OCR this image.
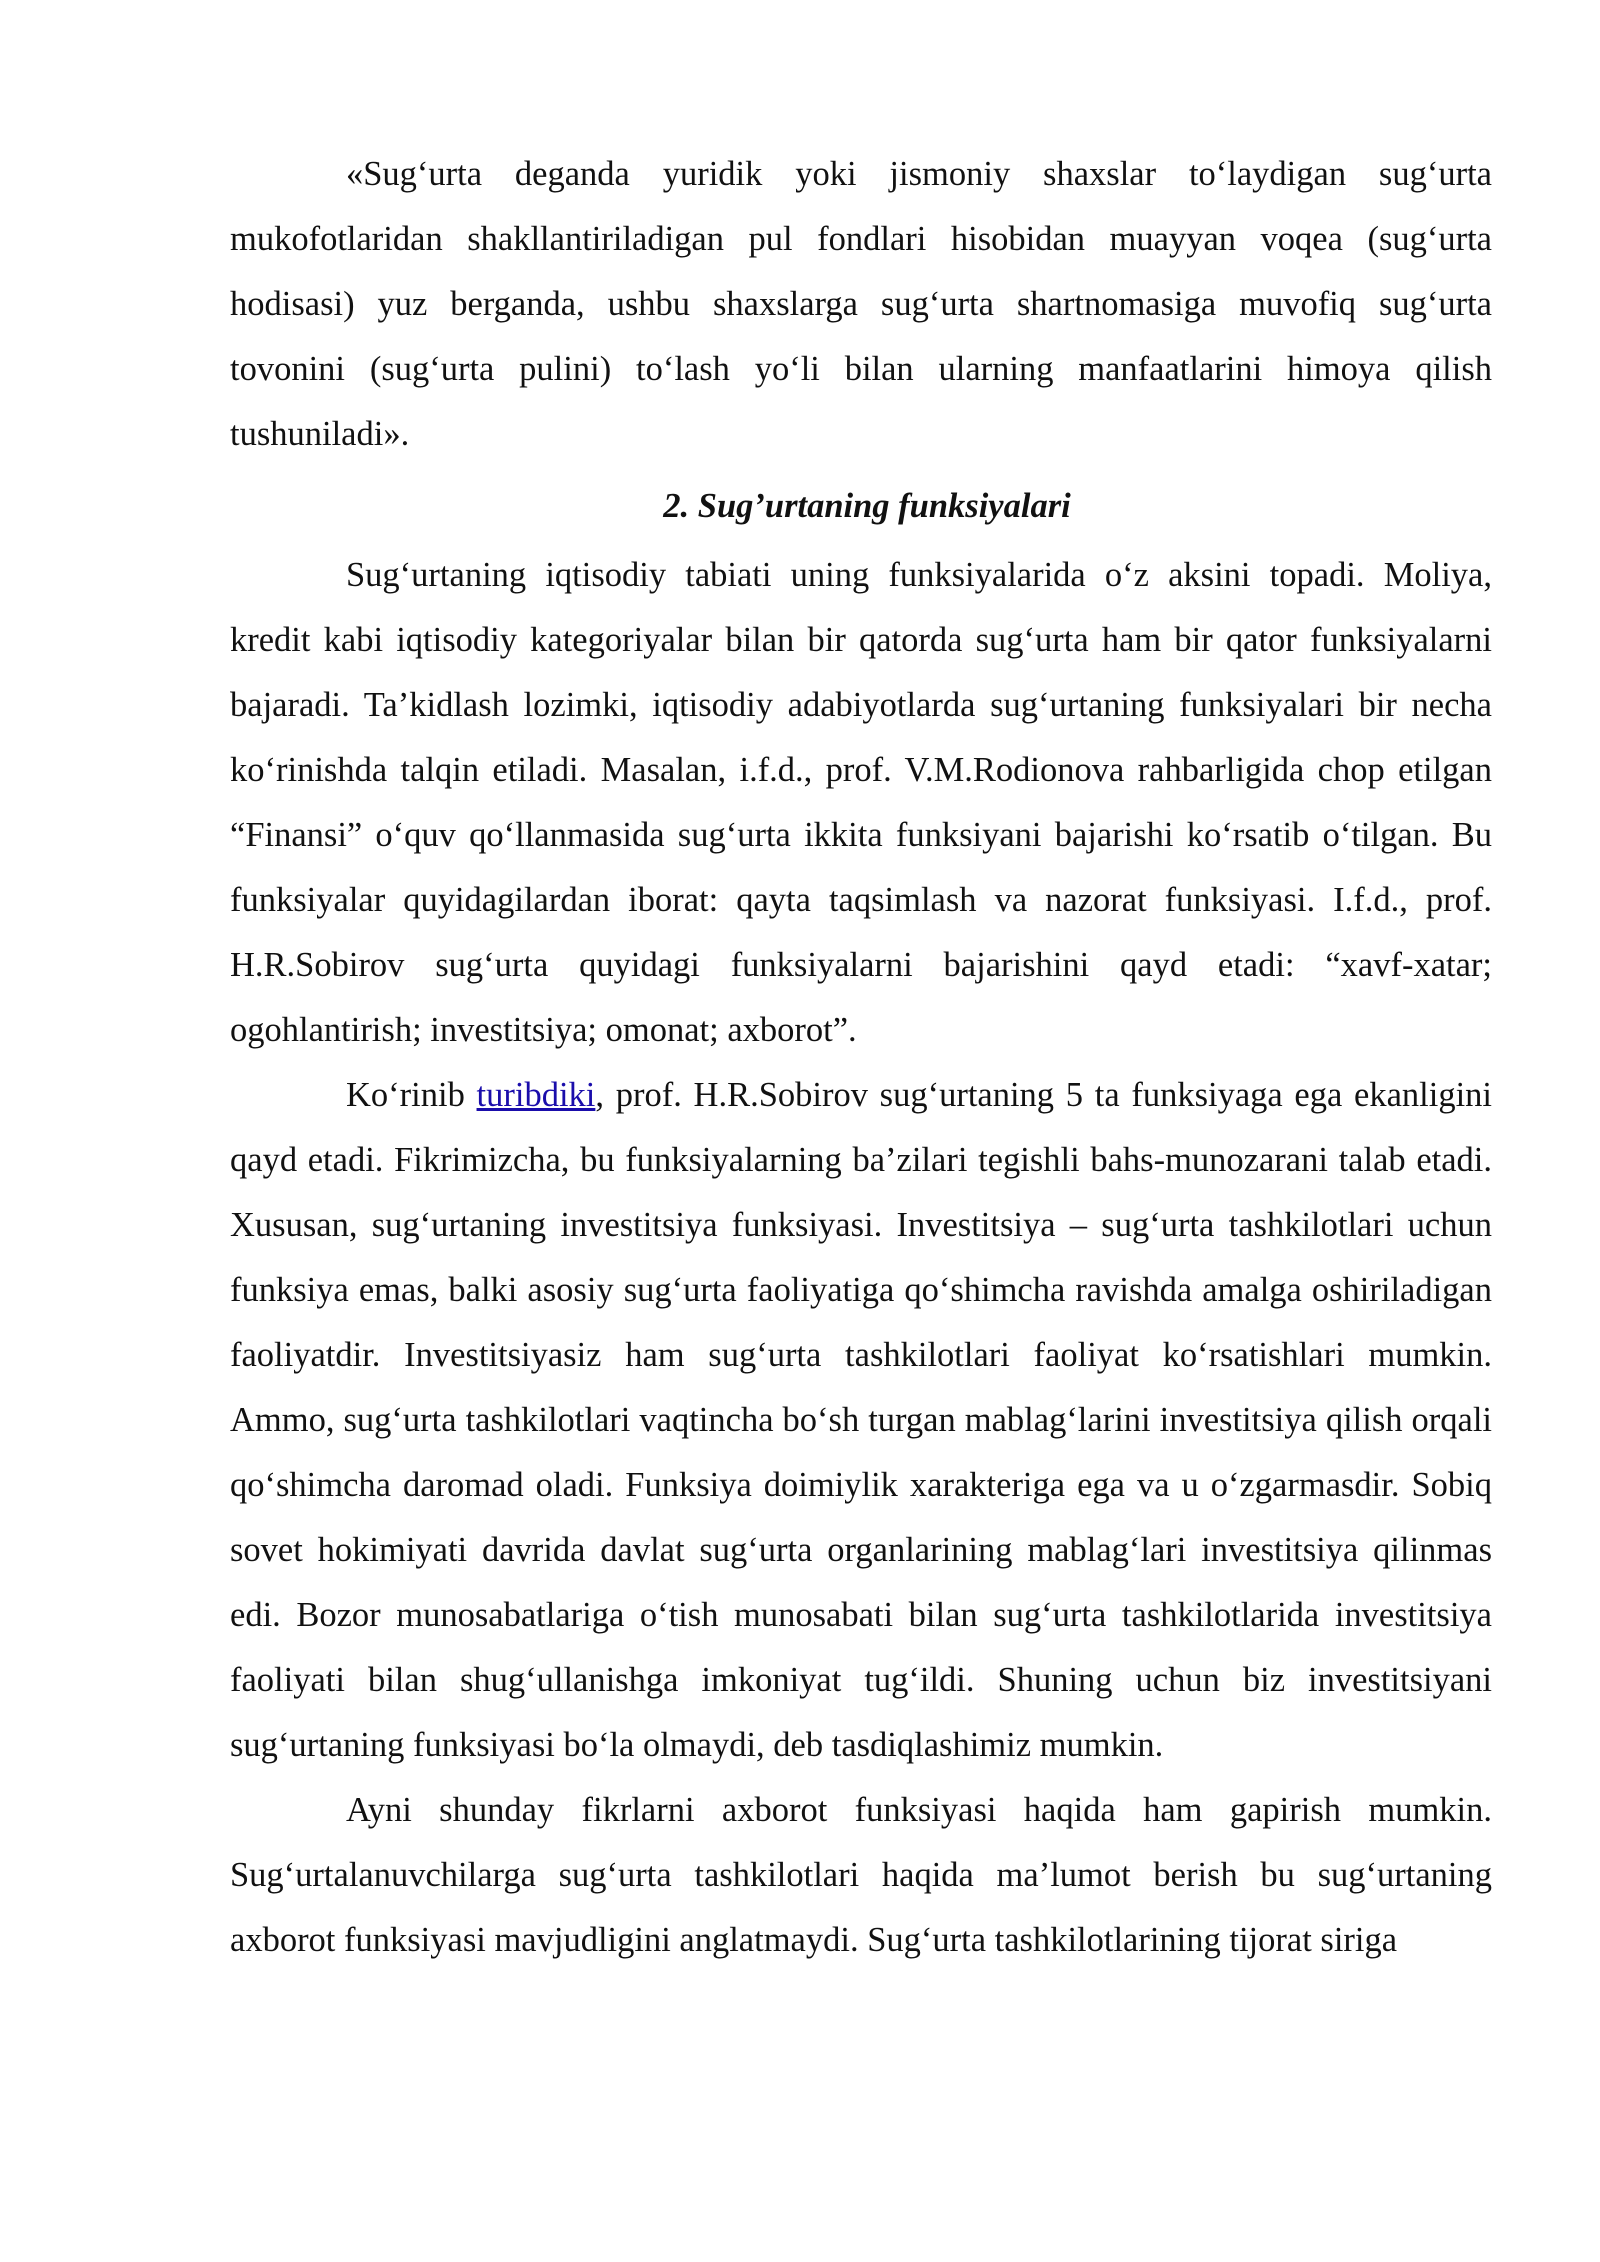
«Sug‘urta deganda yuridik yoki jismoniy shaxslar to‘laydigan sug‘urta mukofotlaridan shakllantiriladigan pul fondlari hisobidan muayyan voqea (sug‘urta hodisasi) yuz berganda, ushbu shaxslarga sug‘urta shartnomasiga muvofiq sug‘urta tovonini (sug‘urta pulini) to‘lash yo‘li bilan ularning manfaatlarini himoya qilish tushuniladi».

2. Sug’urtaning funksiyalari

Sug‘urtaning iqtisodiy tabiati uning funksiyalarida o‘z aksini topadi. Moliya, kredit kabi iqtisodiy kategoriyalar bilan bir qatorda sug‘urta ham bir qator funksiyalarni bajaradi. Ta’kidlash lozimki, iqtisodiy adabiyotlarda sug‘urtaning funksiyalari bir necha ko‘rinishda talqin etiladi. Masalan, i.f.d., prof. V.M.Rodionova rahbarligida chop etilgan “Finansi” o‘quv qo‘llanmasida sug‘urta ikkita funksiyani bajarishi ko‘rsatib o‘tilgan. Bu funksiyalar quyidagilardan iborat: qayta taqsimlash va nazorat funksiyasi. I.f.d., prof. H.R.Sobirov sug‘urta quyidagi funksiyalarni bajarishini qayd etadi: “xavf-xatar; ogohlantirish; investitsiya; omonat; axborot”.

Ko‘rinib turibdiki, prof. H.R.Sobirov sug‘urtaning 5 ta funksiyaga ega ekanligini qayd etadi. Fikrimizcha, bu funksiyalarning ba’zilari tegishli bahs-munozarani talab etadi. Xususan, sug‘urtaning investitsiya funksiyasi. Investitsiya – sug‘urta tashkilotlari uchun funksiya emas, balki asosiy sug‘urta faoliyatiga qo‘shimcha ravishda amalga oshiriladigan faoliyatdir. Investitsiyasiz ham sug‘urta tashkilotlari faoliyat ko‘rsatishlari mumkin. Ammo, sug‘urta tashkilotlari vaqtincha bo‘sh turgan mablag‘larini investitsiya qilish orqali qo‘shimcha daromad oladi. Funksiya doimiylik xarakteriga ega va u o‘zgarmasdir. Sobiq sovet hokimiyati davrida davlat sug‘urta organlarining mablag‘lari investitsiya qilinmas edi. Bozor munosabatlariga o‘tish munosabati bilan sug‘urta tashkilotlarida investitsiya faoliyati bilan shug‘ullanishga imkoniyat tug‘ildi. Shuning uchun biz investitsiyani sug‘urtaning funksiyasi bo‘la olmaydi, deb tasdiqlashimiz mumkin.

Ayni shunday fikrlarni axborot funksiyasi haqida ham gapirish mumkin. Sug‘urtalanuvchilarga sug‘urta tashkilotlari haqida ma’lumot berish bu sug‘urtaning axborot funksiyasi mavjudligini anglatmaydi. Sug‘urta tashkilotlarining tijorat siriga
